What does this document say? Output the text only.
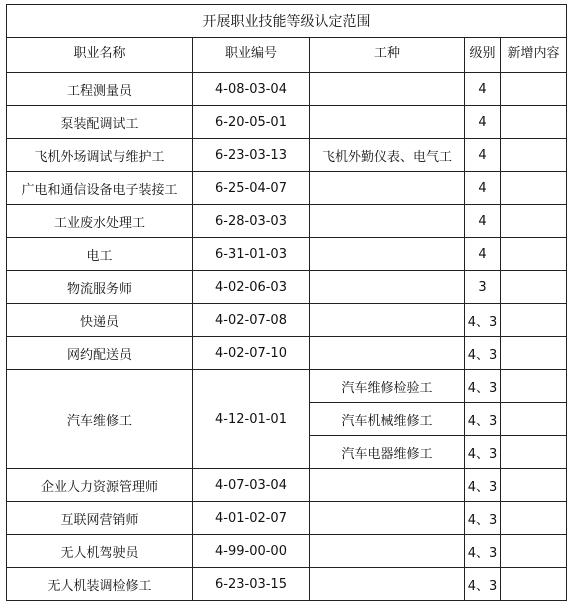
开展职业技能等级认定范围				
职业名称	职业编号	工种	级别	新增内容
工程测量员	4-08-03-04		4	
泵装配调试工	6-20-05-01		4	
飞机外场调试与维护工	6-23-03-13	飞机外勤仪表、电气工	4	
广电和通信设备电子装接工	6-25-04-07		4	
工业废水处理工	6-28-03-03		4	
电工	6-31-01-03		4	
物流服务师	4-02-06-03		3	
快递员	4-02-07-08		4、3	
网约配送员	4-02-07-10		4、3	
汽车维修工	4-12-01-01	汽车维修检验工	4、3	
		汽车机械维修工	4、3	
		汽车电器维修工	4、3	
企业人力资源管理师	4-07-03-04		4、3	
互联网营销师	4-01-02-07		4、3	
无人机驾驶员	4-99-00-00		4、3	
无人机装调检修工	6-23-03-15		4、3	
